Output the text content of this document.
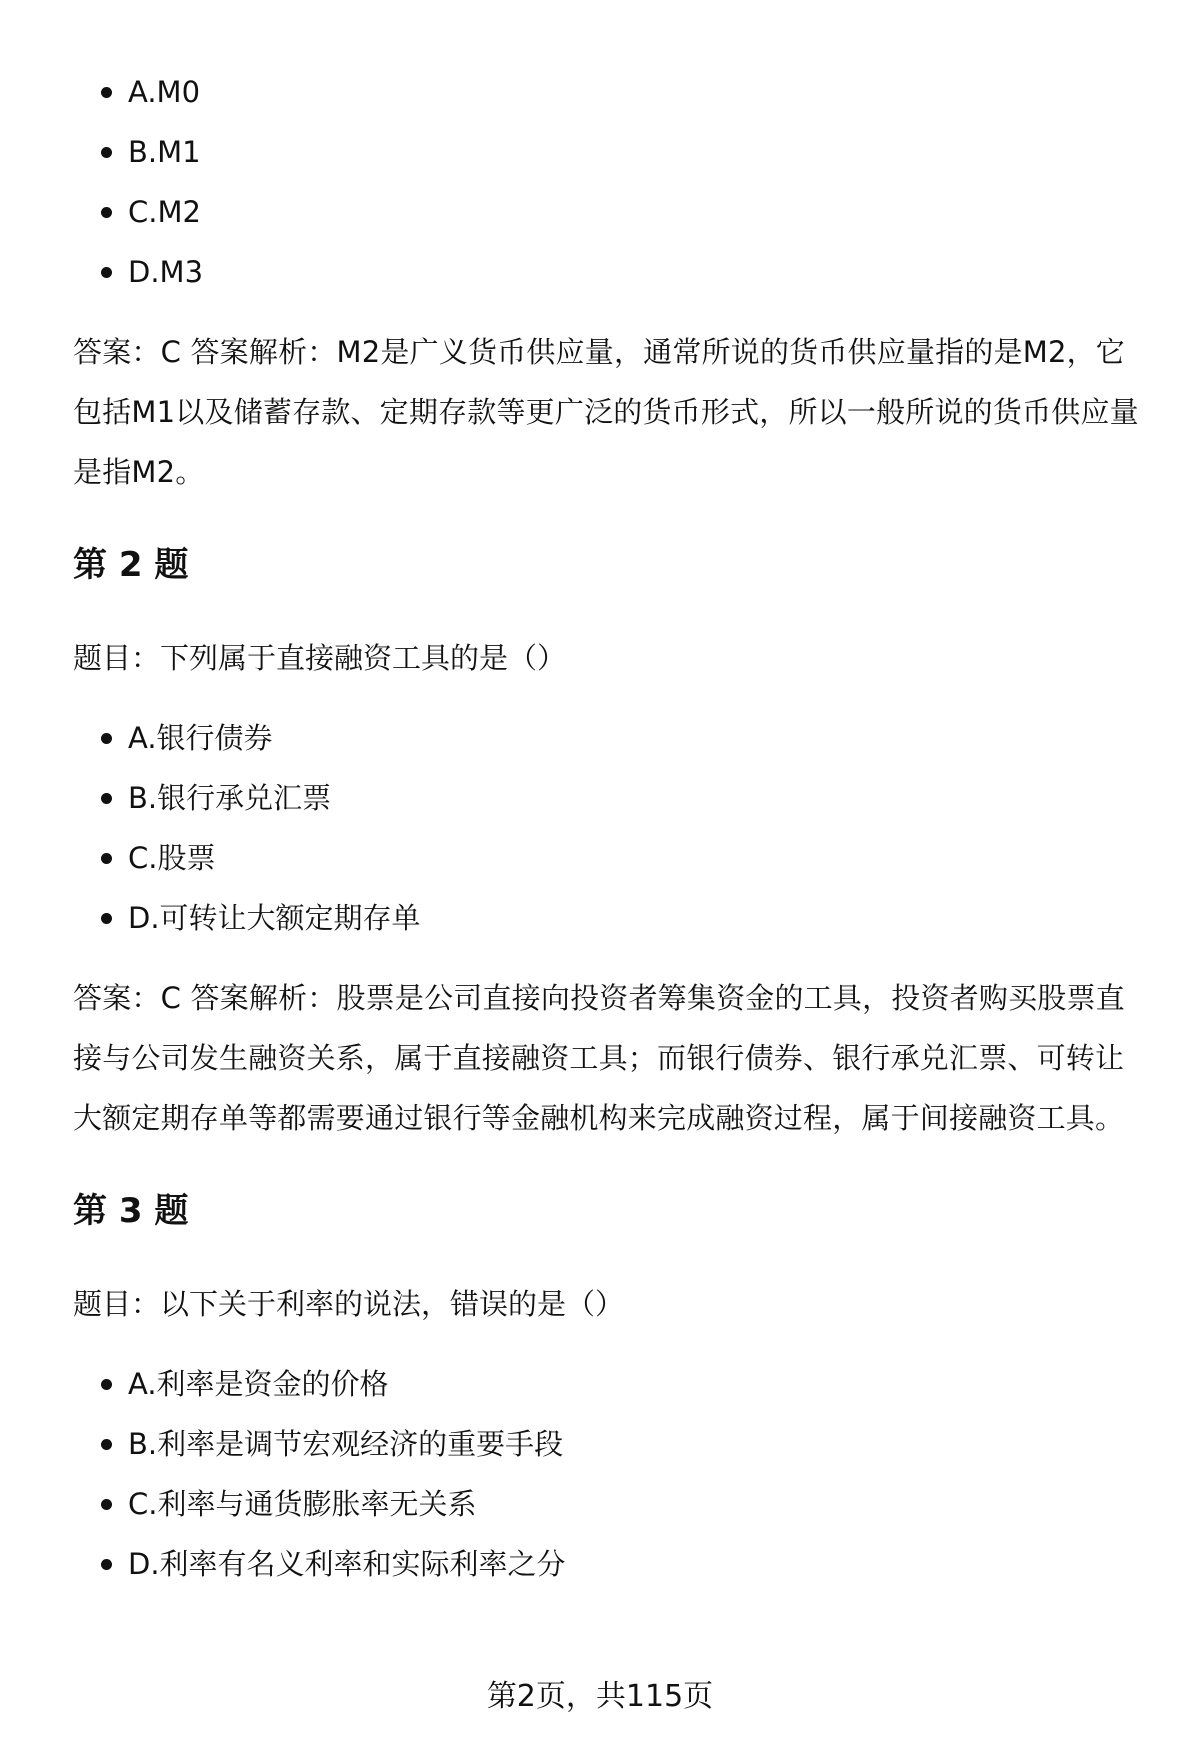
A.M0
B.M1
C.M2
D.M3

答案：C 答案解析：M2是广义货币供应量，通常所说的货币供应量指的是M2，它包括M1以及储蓄存款、定期存款等更广泛的货币形式，所以一般所说的货币供应量是指M2。

第 2 题

题目：下列属于直接融资工具的是（）

A.银行债券
B.银行承兑汇票
C.股票
D.可转让大额定期存单

答案：C 答案解析：股票是公司直接向投资者筹集资金的工具，投资者购买股票直接与公司发生融资关系，属于直接融资工具；而银行债券、银行承兑汇票、可转让大额定期存单等都需要通过银行等金融机构来完成融资过程，属于间接融资工具。

第 3 题

题目：以下关于利率的说法，错误的是（）

A.利率是资金的价格
B.利率是调节宏观经济的重要手段
C.利率与通货膨胀率无关系
D.利率有名义利率和实际利率之分
第2页，共115页
